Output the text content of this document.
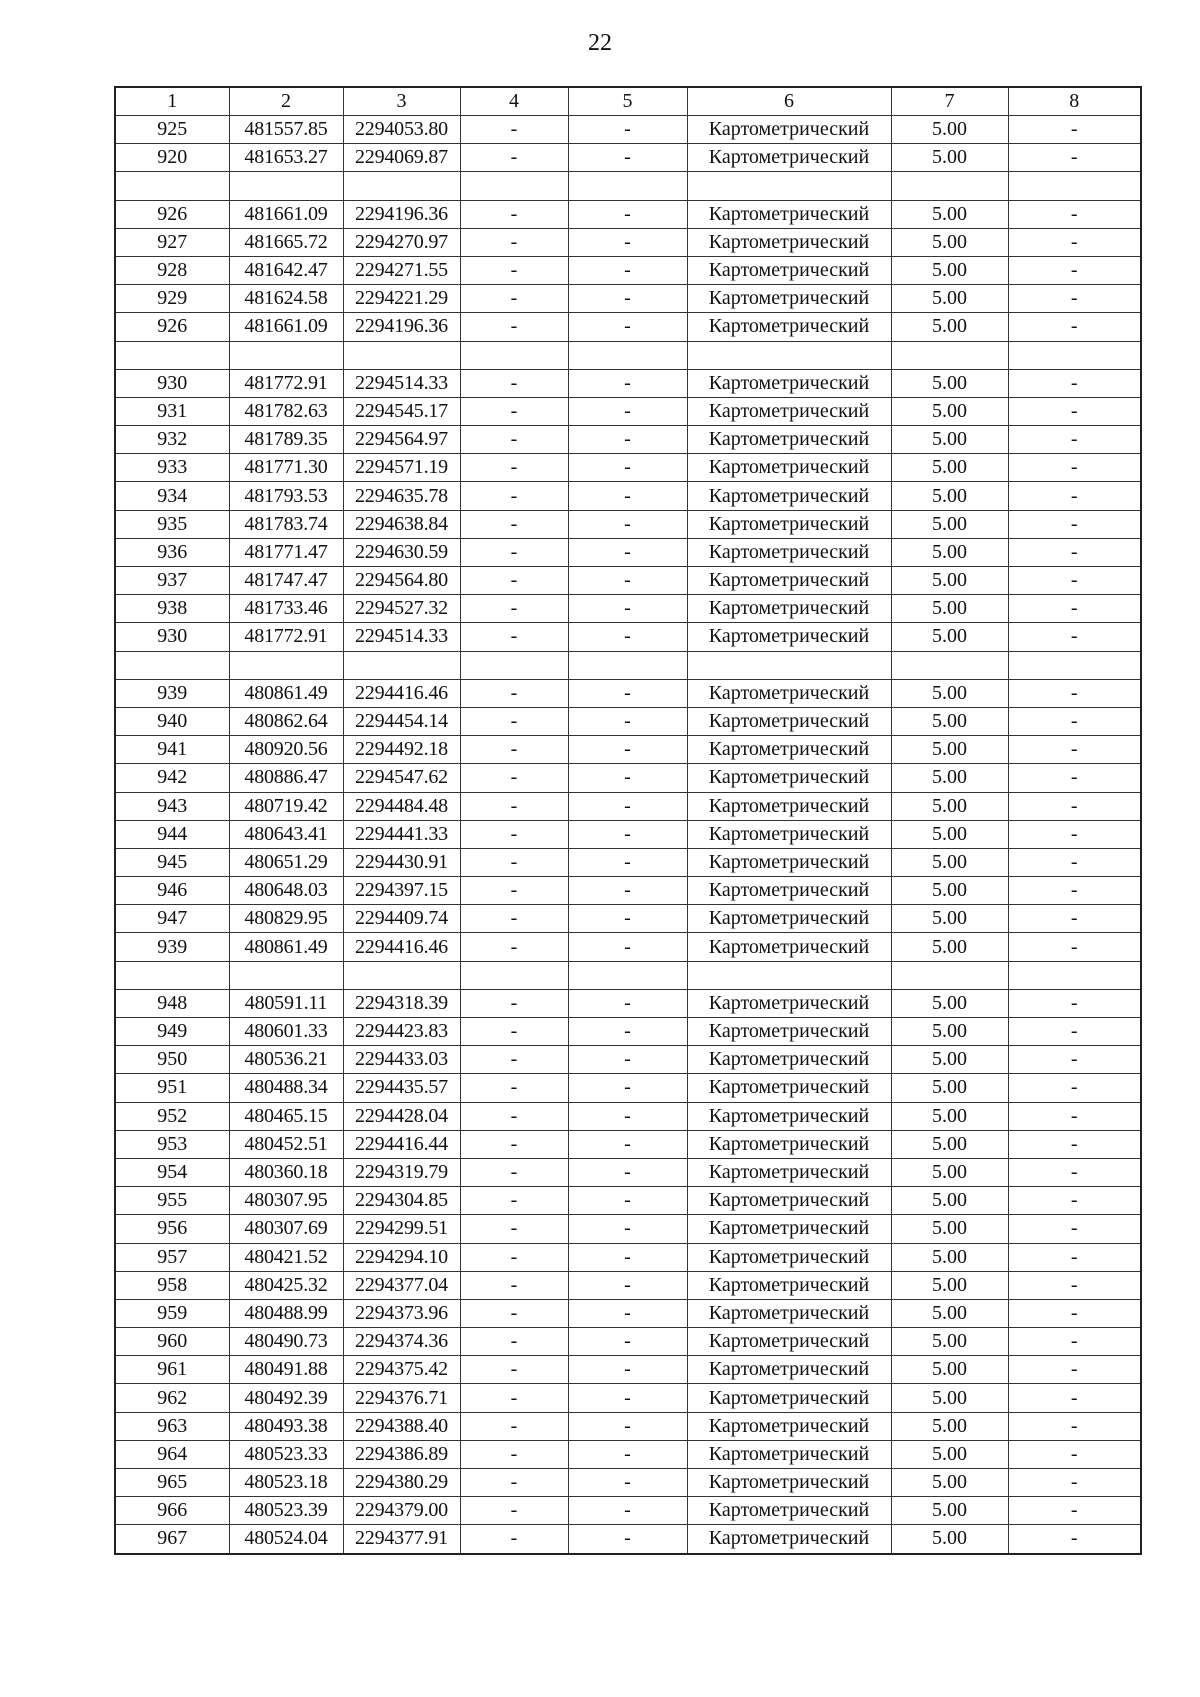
22
1	2	3	4	5	6	7	8
925	481557.85	2294053.80	-	-	Картометрический	5.00	-
920	481653.27	2294069.87	-	-	Картометрический	5.00	-

926	481661.09	2294196.36	-	-	Картометрический	5.00	-
927	481665.72	2294270.97	-	-	Картометрический	5.00	-
928	481642.47	2294271.55	-	-	Картометрический	5.00	-
929	481624.58	2294221.29	-	-	Картометрический	5.00	-
926	481661.09	2294196.36	-	-	Картометрический	5.00	-

930	481772.91	2294514.33	-	-	Картометрический	5.00	-
931	481782.63	2294545.17	-	-	Картометрический	5.00	-
932	481789.35	2294564.97	-	-	Картометрический	5.00	-
933	481771.30	2294571.19	-	-	Картометрический	5.00	-
934	481793.53	2294635.78	-	-	Картометрический	5.00	-
935	481783.74	2294638.84	-	-	Картометрический	5.00	-
936	481771.47	2294630.59	-	-	Картометрический	5.00	-
937	481747.47	2294564.80	-	-	Картометрический	5.00	-
938	481733.46	2294527.32	-	-	Картометрический	5.00	-
930	481772.91	2294514.33	-	-	Картометрический	5.00	-

939	480861.49	2294416.46	-	-	Картометрический	5.00	-
940	480862.64	2294454.14	-	-	Картометрический	5.00	-
941	480920.56	2294492.18	-	-	Картометрический	5.00	-
942	480886.47	2294547.62	-	-	Картометрический	5.00	-
943	480719.42	2294484.48	-	-	Картометрический	5.00	-
944	480643.41	2294441.33	-	-	Картометрический	5.00	-
945	480651.29	2294430.91	-	-	Картометрический	5.00	-
946	480648.03	2294397.15	-	-	Картометрический	5.00	-
947	480829.95	2294409.74	-	-	Картометрический	5.00	-
939	480861.49	2294416.46	-	-	Картометрический	5.00	-

948	480591.11	2294318.39	-	-	Картометрический	5.00	-
949	480601.33	2294423.83	-	-	Картометрический	5.00	-
950	480536.21	2294433.03	-	-	Картометрический	5.00	-
951	480488.34	2294435.57	-	-	Картометрический	5.00	-
952	480465.15	2294428.04	-	-	Картометрический	5.00	-
953	480452.51	2294416.44	-	-	Картометрический	5.00	-
954	480360.18	2294319.79	-	-	Картометрический	5.00	-
955	480307.95	2294304.85	-	-	Картометрический	5.00	-
956	480307.69	2294299.51	-	-	Картометрический	5.00	-
957	480421.52	2294294.10	-	-	Картометрический	5.00	-
958	480425.32	2294377.04	-	-	Картометрический	5.00	-
959	480488.99	2294373.96	-	-	Картометрический	5.00	-
960	480490.73	2294374.36	-	-	Картометрический	5.00	-
961	480491.88	2294375.42	-	-	Картометрический	5.00	-
962	480492.39	2294376.71	-	-	Картометрический	5.00	-
963	480493.38	2294388.40	-	-	Картометрический	5.00	-
964	480523.33	2294386.89	-	-	Картометрический	5.00	-
965	480523.18	2294380.29	-	-	Картометрический	5.00	-
966	480523.39	2294379.00	-	-	Картометрический	5.00	-
967	480524.04	2294377.91	-	-	Картометрический	5.00	-
